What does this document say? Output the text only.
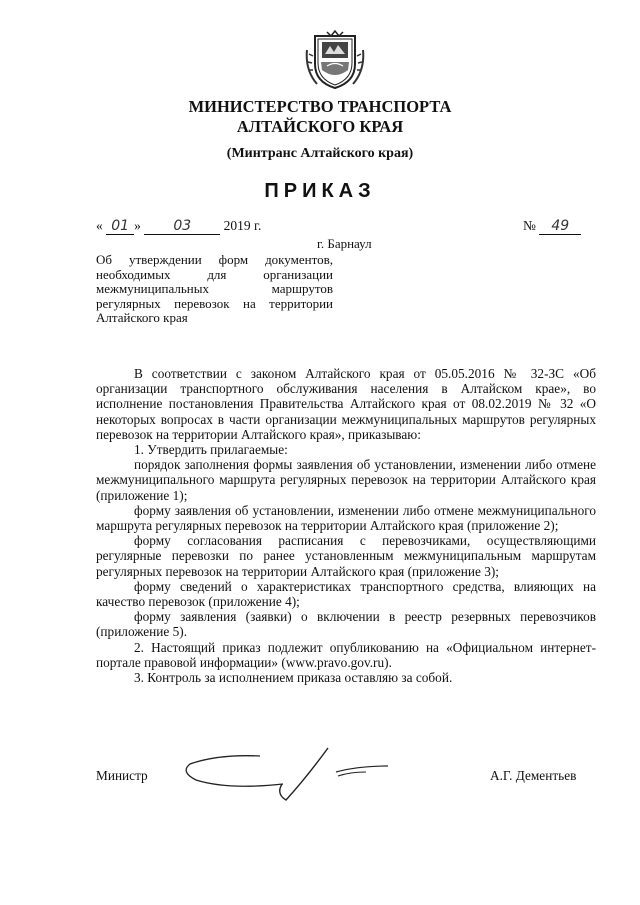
МИНИСТЕРСТВО ТРАНСПОРТА
АЛТАЙСКОГО КРАЯ
(Минтранс Алтайского края)
ПРИКАЗ
« 01 » 03 2019 г.	№ 49
г. Барнаул
Об утверждении форм документов, необходимых для организации межмуниципальных маршрутов регулярных перевозок на территории Алтайского края

В соответствии с законом Алтайского края от 05.05.2016 № 32-ЗС «Об организации транспортного обслуживания населения в Алтайском крае», во исполнение постановления Правительства Алтайского края от 08.02.2019 № 32 «О некоторых вопросах в части организации межмуниципальных маршрутов регулярных перевозок на территории Алтайского края», приказываю:

1. Утвердить прилагаемые:

порядок заполнения формы заявления об установлении, изменении либо отмене межмуниципального маршрута регулярных перевозок на территории Алтайского края (приложение 1);

форму заявления об установлении, изменении либо отмене межмуниципального маршрута регулярных перевозок на территории Алтайского края (приложение 2);

форму согласования расписания с перевозчиками, осуществляющими регулярные перевозки по ранее установленным межмуниципальным маршрутам регулярных перевозок на территории Алтайского края (приложение 3);

форму сведений о характеристиках транспортного средства, влияющих на качество перевозок (приложение 4);

форму заявления (заявки) о включении в реестр резервных перевозчиков (приложение 5).

2. Настоящий приказ подлежит опубликованию на «Официальном интернет-портале правовой информации» (www.pravo.gov.ru).

3. Контроль за исполнением приказа оставляю за собой.

Министр	А.Г. Дементьев
